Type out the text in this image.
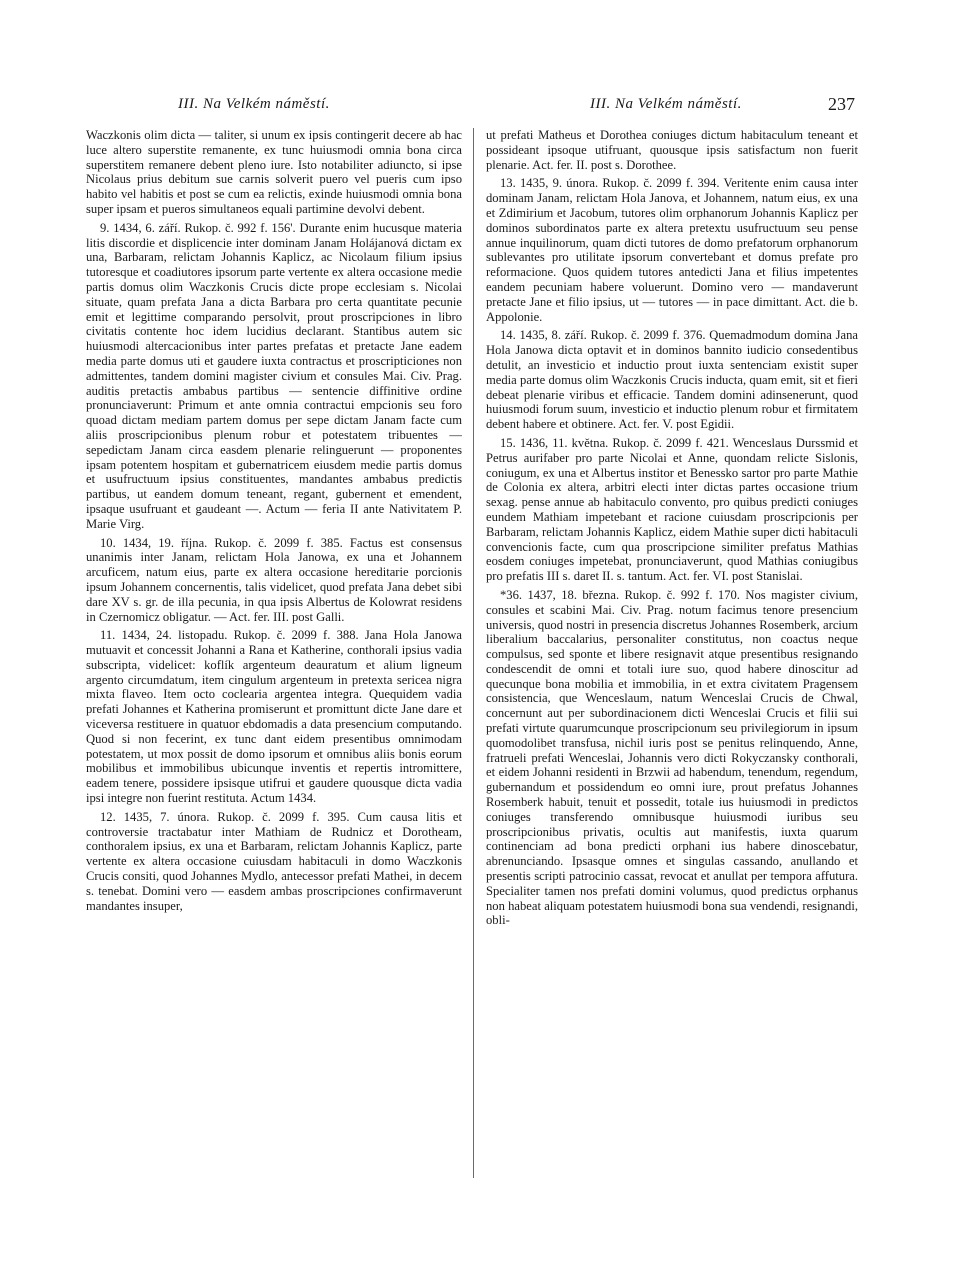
III. Na Velkém náměstí.	III. Na Velkém náměstí.	237

Waczkonis olim dicta — taliter, si unum ex ipsis contingerit decere ab hac luce altero superstite remanente, ex tunc huiusmodi omnia bona circa superstitem remanere debent pleno iure. Isto notabiliter adiuncto, si ipse Nicolaus prius debitum sue carnis solverit puero vel pueris cum ipso habito vel habitis et post se cum ea relictis, exinde huiusmodi omnia bona super ipsam et pueros simultaneos equali partimine devolvi debent.

9. 1434, 6. září. Rukop. č. 992 f. 156'. Durante enim hucusque materia litis discordie et displicencie inter dominam Janam Holájanová dictam ex una, Barbaram, relictam Johannis Kaplicz, ac Nicolaum filium ipsius tutoresque et coadiutores ipsorum parte vertente ex altera occasione medie partis domus olim Waczkonis Crucis dicte prope ecclesiam s. Nicolai situate, quam prefata Jana a dicta Barbara pro certa quantitate pecunie emit et legittime comparando persolvit, prout proscripciones in libro civitatis contente hoc idem lucidius declarant. Stantibus autem sic huiusmodi altercacionibus inter partes prefatas et pretacte Jane eadem media parte domus uti et gaudere iuxta contractus et proscripticiones non admittentes, tandem domini magister civium et consules Mai. Civ. Prag. auditis pretactis ambabus partibus — sentencie diffinitive ordine pronunciaverunt: Primum et ante omnia contractui empcionis seu foro quoad dictam mediam partem domus per sepe dictam Janam facte cum aliis proscripcionibus plenum robur et potestatem tribuentes — sepedictam Janam circa easdem plenarie relinguerunt — proponentes ipsam potentem hospitam et gubernatricem eiusdem medie partis domus et usufructuum ipsius constituentes, mandantes ambabus predictis partibus, ut eandem domum teneant, regant, gubernent et emendent, ipsaque usufruant et gaudeant —. Actum — feria II ante Nativitatem P. Marie Virg.

10. 1434, 19. října. Rukop. č. 2099 f. 385. Factus est consensus unanimis inter Janam, relictam Hola Janowa, ex una et Johannem arcuficem, natum eius, parte ex altera occasione hereditarie porcionis ipsum Johannem concernentis, talis videlicet, quod prefata Jana debet sibi dare XV s. gr. de illa pecunia, in qua ipsis Albertus de Kolowrat residens in Czernomicz obligatur. — Act. fer. III. post Galli.

11. 1434, 24. listopadu. Rukop. č. 2099 f. 388. Jana Hola Janowa mutuavit et concessit Johanni a Rana et Katherine, conthorali ipsius vadia subscripta, videlicet: koflík argenteum deauratum et alium ligneum argento circumdatum, item cingulum argenteum in pretexta sericea nigra mixta flaveo. Item octo coclearia argentea integra. Quequidem vadia prefati Johannes et Katherina promiserunt et promittunt dicte Jane dare et viceversa restituere in quatuor ebdomadis a data presencium computando. Quod si non fecerint, ex tunc dant eidem presentibus omnimodam potestatem, ut mox possit de domo ipsorum et omnibus aliis bonis eorum mobilibus et immobilibus ubicunque inventis et repertis intromittere, eadem tenere, possidere ipsisque utifrui et gaudere quousque dicta vadia ipsi integre non fuerint restituta. Actum 1434.

12. 1435, 7. února. Rukop. č. 2099 f. 395. Cum causa litis et controversie tractabatur inter Mathiam de Rudnicz et Dorotheam, conthoralem ipsius, ex una et Barbaram, relictam Johannis Kaplicz, parte vertente ex altera occasione cuiusdam habitaculi in domo Waczkonis Crucis consiti, quod Johannes Mydlo, antecessor prefati Mathei, in decem s. tenebat. Domini vero — easdem ambas proscripciones confirmaverunt mandantes insuper,

ut prefati Matheus et Dorothea coniuges dictum habitaculum teneant et possideant ipsoque utifruant, quousque ipsis satisfactum non fuerit plenarie. Act. fer. II. post s. Dorothee.

13. 1435, 9. února. Rukop. č. 2099 f. 394. Veritente enim causa inter dominam Janam, relictam Hola Janova, et Johannem, natum eius, ex una et Zdimirium et Jacobum, tutores olim orphanorum Johannis Kaplicz per dominos subordinatos parte ex altera pretextu usufructuum seu pense annue inquilinorum, quam dicti tutores de domo prefatorum orphanorum sublevantes pro utilitate ipsorum convertebant et domus prefate pro reformacione. Quos quidem tutores antedicti Jana et filius impetentes eandem pecuniam habere voluerunt. Domino vero — mandaverunt pretacte Jane et filio ipsius, ut — tutores — in pace dimittant. Act. die b. Appolonie.

14. 1435, 8. září. Rukop. č. 2099 f. 376. Quemadmodum domina Jana Hola Janowa dicta optavit et in dominos bannito iudicio consedentibus detulit, an investicio et inductio prout iuxta sentenciam existit super media parte domus olim Waczkonis Crucis inducta, quam emit, sit et fieri debeat plenarie viribus et efficacie. Tandem domini adinsenerunt, quod huiusmodi forum suum, investicio et inductio plenum robur et firmitatem debent habere et obtinere. Act. fer. V. post Egidii.

15. 1436, 11. května. Rukop. č. 2099 f. 421. Wenceslaus Durssmid et Petrus aurifaber pro parte Nicolai et Anne, quondam relicte Sislonis, coniugum, ex una et Albertus institor et Benessko sartor pro parte Mathie de Colonia ex altera, arbitri electi inter dictas partes occasione trium sexag. pense annue ab habitaculo convento, pro quibus predicti coniuges eundem Mathiam impetebant et racione cuiusdam proscripcionis per Barbaram, relictam Johannis Kaplicz, eidem Mathie super dicti habitaculi convencionis facte, cum qua proscripcione similiter prefatus Mathias eosdem coniuges impetebat, pronunciaverunt, quod Mathias coniugibus pro prefatis III s. daret II. s. tantum. Act. fer. VI. post Stanislai.

*36. 1437, 18. března. Rukop. č. 992 f. 170. Nos magister civium, consules et scabini Mai. Civ. Prag. notum facimus tenore presencium universis, quod nostri in presencia discretus Johannes Rosemberk, arcium liberalium baccalarius, personaliter constitutus, non coactus neque compulsus, sed sponte et libere resignavit atque presentibus resignando condescendit de omni et totali iure suo, quod habere dinoscitur ad quecunque bona mobilia et immobilia, in et extra civitatem Pragensem consistencia, que Wenceslaum, natum Wenceslai Crucis de Chwal, concernunt aut per subordinacionem dicti Wenceslai Crucis et filii sui prefati virtute quarumcunque proscripcionum seu privilegiorum in ipsum quomodolibet transfusa, nichil iuris post se penitus relinquendo, Anne, fratrueli prefati Wenceslai, Johannis vero dicti Rokyczansky conthorali, et eidem Johanni residenti in Brzwii ad habendum, tenendum, regendum, gubernandum et possidendum eo omni iure, prout prefatus Johannes Rosemberk habuit, tenuit et possedit, totale ius huiusmodi in predictos coniuges transferendo omnibusque huiusmodi iuribus seu proscripcionibus privatis, ocultis aut manifestis, iuxta quarum continenciam ad bona predicti orphani ius habere dinoscebatur, abrenunciando. Ipsasque omnes et singulas cassando, anullando et presentis scripti patrocinio cassat, revocat et anullat per tempora affutura. Specialiter tamen nos prefati domini volumus, quod predictus orphanus non habeat aliquam potestatem huiusmodi bona sua vendendi, resignandi, obli-
